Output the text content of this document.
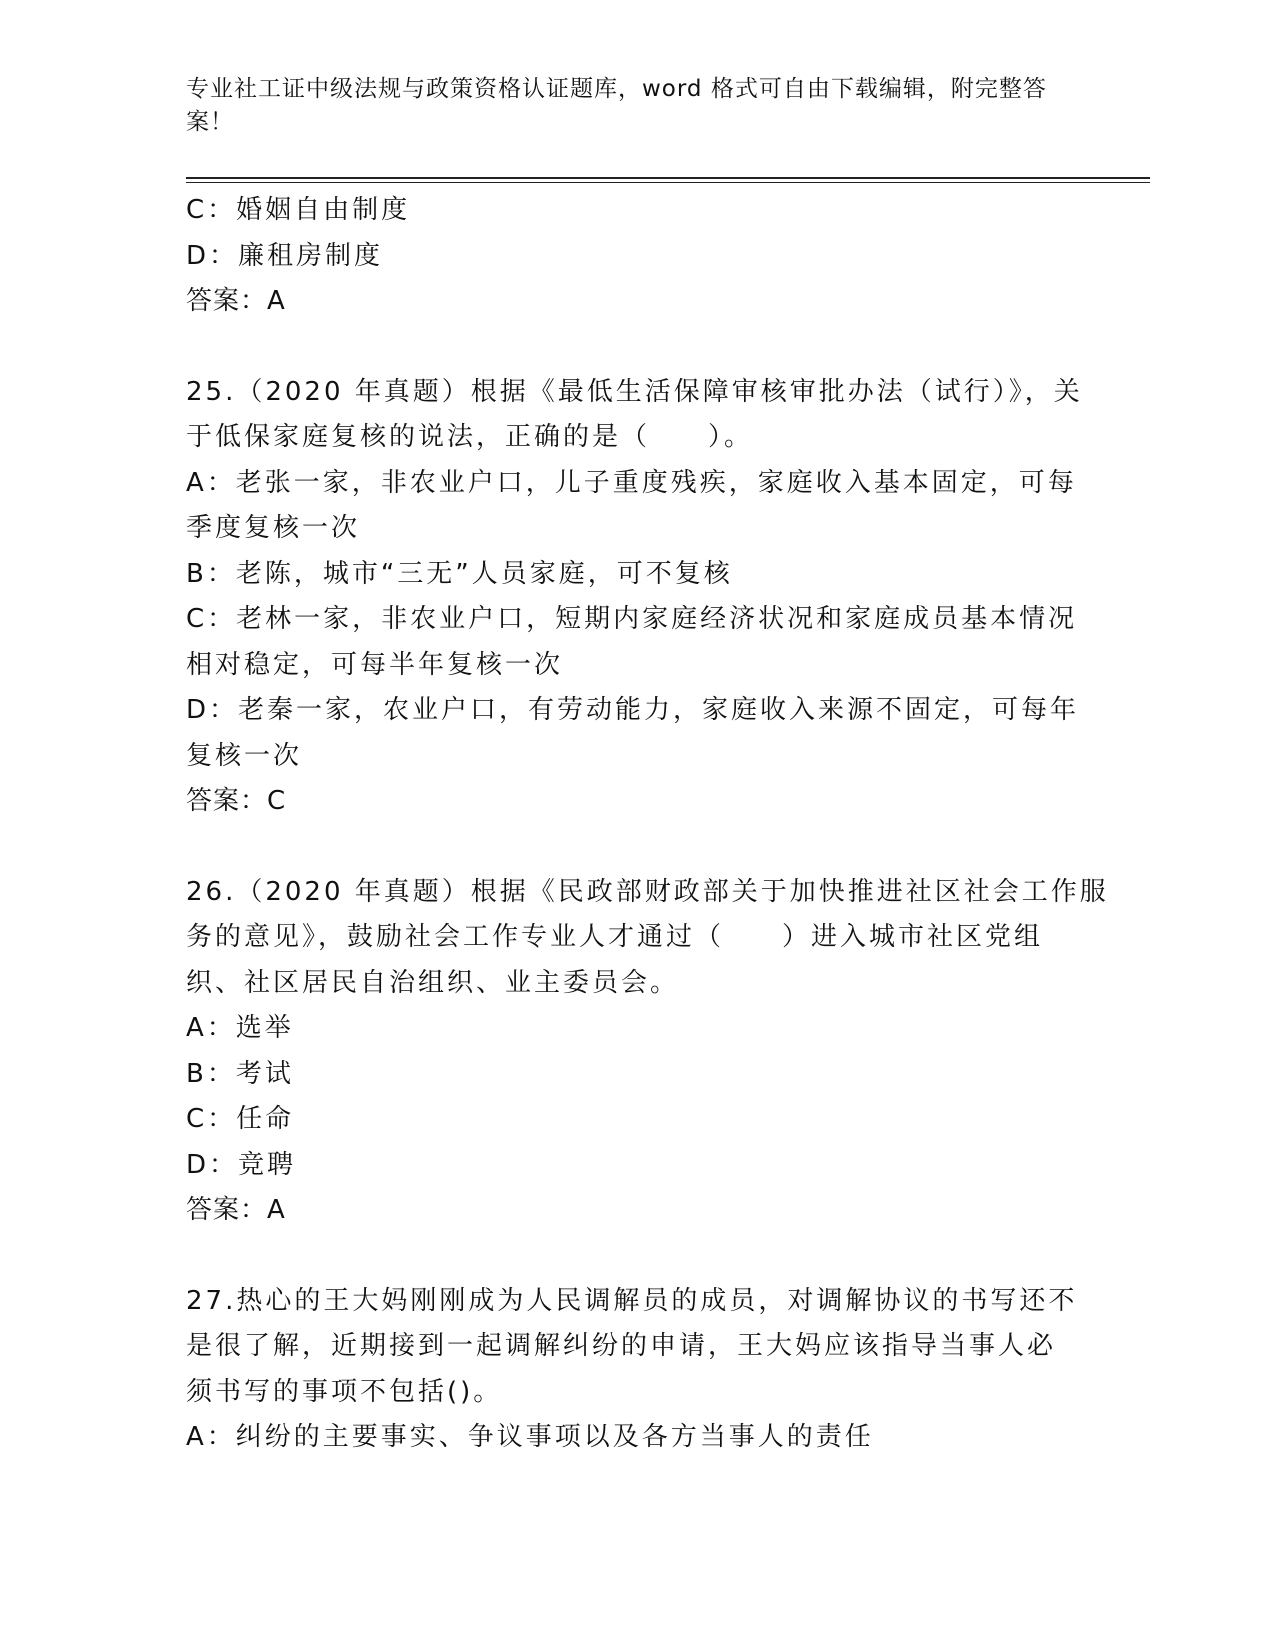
专业社工证中级法规与政策资格认证题库，word 格式可自由下载编辑，附完整答
案！
C：婚姻自由制度
D：廉租房制度
答案：A
25.（2020 年真题）根据《最低生活保障审核审批办法（试行）》，关
于低保家庭复核的说法，正确的是（　　）。
A：老张一家，非农业户口，儿子重度残疾，家庭收入基本固定，可每
季度复核一次
B：老陈，城市“三无”人员家庭，可不复核
C：老林一家，非农业户口，短期内家庭经济状况和家庭成员基本情况
相对稳定，可每半年复核一次
D：老秦一家，农业户口，有劳动能力，家庭收入来源不固定，可每年
复核一次
答案：C
26.（2020 年真题）根据《民政部财政部关于加快推进社区社会工作服
务的意见》，鼓励社会工作专业人才通过（　　）进入城市社区党组
织、社区居民自治组织、业主委员会。
A：选举
B：考试
C：任命
D：竞聘
答案：A
27.热心的王大妈刚刚成为人民调解员的成员，对调解协议的书写还不
是很了解，近期接到一起调解纠纷的申请，王大妈应该指导当事人必
须书写的事项不包括()。
A：纠纷的主要事实、争议事项以及各方当事人的责任
